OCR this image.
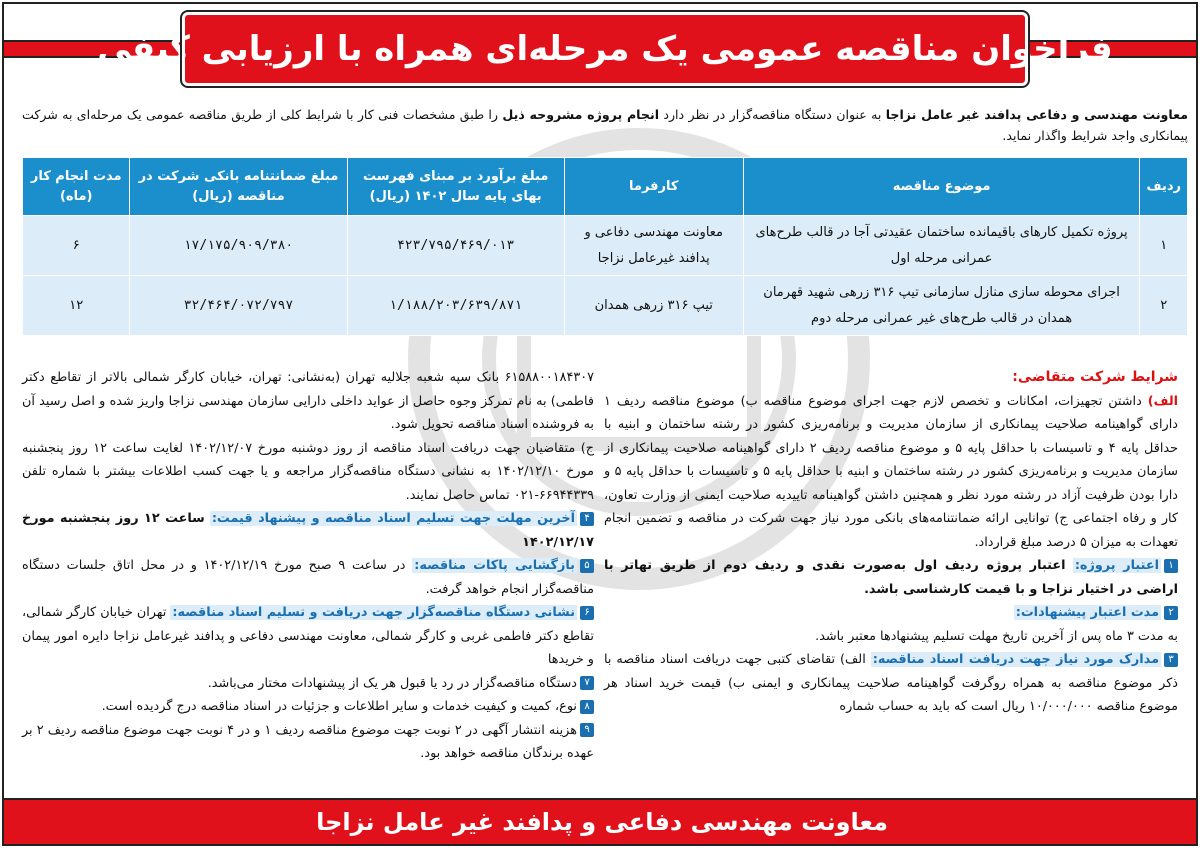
فراخوان مناقصه عمومی یک مرحله‌ای همراه با ارزیابی کیفی

معاونت مهندسی و دفاعی پدافند غیر عامل نزاجا به عنوان دستگاه مناقصه‌گزار در نظر دارد انجام پروژه مشروحه ذیل را طبق مشخصات فنی کار با شرایط کلی از طریق مناقصه عمومی یک مرحله‌ای به شرکت پیمانکاری واجد شرایط واگذار نماید.

ردیف	موضوع مناقصه	کارفرما	مبلغ برآورد بر مبنای فهرست بهای پایه سال ۱۴۰۲ (ریال)	مبلغ ضمانتنامه بانکی شرکت در مناقصه (ریال)	مدت انجام کار (ماه)
۱	پروژه تکمیل کارهای باقیمانده ساختمان عقیدتی آجا در قالب طرح‌های عمرانی مرحله اول	معاونت مهندسی دفاعی و پدافند غیرعامل نزاجا	۴۲۳/۷۹۵/۴۶۹/۰۱۳	۱۷/۱۷۵/۹۰۹/۳۸۰	۶
۲	اجرای محوطه سازی منازل سازمانی تیپ ۳۱۶ زرهی شهید قهرمان همدان در قالب طرح‌های غیر عمرانی مرحله دوم	تیپ ۳۱۶ زرهی همدان	۱/۱۸۸/۲۰۳/۶۳۹/۸۷۱	۳۲/۴۶۴/۰۷۲/۷۹۷	۱۲

شرایط شرکت متقاضی:

الف) داشتن تجهیزات، امکانات و تخصص لازم جهت اجرای موضوع مناقصه ب) موضوع مناقصه ردیف ۱ دارای گواهینامه صلاحیت پیمانکاری از سازمان مدیریت و برنامه‌ریزی کشور در رشته ساختمان و ابنیه با حداقل پایه ۴ و تاسیسات با حداقل پایه ۵ و موضوع مناقصه ردیف ۲ دارای گواهینامه صلاحیت پیمانکاری از سازمان مدیریت و برنامه‌ریزی کشور در رشته ساختمان و ابنیه با حداقل پایه ۵ و تاسیسات با حداقل پایه ۵ و دارا بودن ظرفیت آزاد در رشته مورد نظر و همچنین داشتن گواهینامه تاییدیه صلاحیت ایمنی از وزارت تعاون، کار و رفاه اجتماعی ج) توانایی ارائه ضمانتنامه‌های بانکی مورد نیاز جهت شرکت در مناقصه و تضمین انجام تعهدات به میزان ۵ درصد مبلغ قرارداد.

۱اعتبار پروژه: اعتبار پروژه ردیف اول به‌صورت نقدی و ردیف دوم از طریق تهاتر با اراضی در اختیار نزاجا و با قیمت کارشناسی باشد.

۲مدت اعتبار پیشنهادات:

به مدت ۳ ماه پس از آخرین تاریخ مهلت تسلیم پیشنهادها معتبر باشد.

۳مدارک مورد نیاز جهت دریافت اسناد مناقصه: الف) تقاضای کتبی جهت دریافت اسناد مناقصه با ذکر موضوع مناقصه به همراه روگرفت گواهینامه صلاحیت پیمانکاری و ایمنی ب) قیمت خرید اسناد هر موضوع مناقصه ۱۰/۰۰۰/۰۰۰ ریال است که باید به حساب شماره

۶۱۵۸۸۰۰۱۸۴۳۰۷ بانک سپه شعبه جلالیه تهران (به‌نشانی: تهران، خیابان کارگر شمالی بالاتر از تقاطع دکتر فاطمی) به نام تمرکز وجوه حاصل از عواید داخلی دارایی سازمان مهندسی نزاجا واریز شده و اصل رسید آن به فروشنده اسناد مناقصه تحویل شود.

ج) متقاضیان جهت دریافت اسناد مناقصه از روز دوشنبه مورخ ۱۴۰۲/۱۲/۰۷ لغایت ساعت ۱۲ روز پنجشنبه مورخ ۱۴۰۲/۱۲/۱۰ به نشانی دستگاه مناقصه‌گزار مراجعه و یا جهت کسب اطلاعات بیشتر با شماره تلفن ۶۶۹۴۴۳۳۹-۰۲۱ تماس حاصل نمایند.

۴آخرین مهلت جهت تسلیم اسناد مناقصه و پیشنهاد قیمت: ساعت ۱۲ روز پنجشنبه مورخ ۱۴۰۲/۱۲/۱۷

۵بازگشایی پاکات مناقصه: در ساعت ۹ صبح مورخ ۱۴۰۲/۱۲/۱۹ و در محل اتاق جلسات دستگاه مناقصه‌گزار انجام خواهد گرفت.

۶نشانی دستگاه مناقصه‌گزار جهت دریافت و تسلیم اسناد مناقصه: تهران خیابان کارگر شمالی، تقاطع دکتر فاطمی غربی و کارگر شمالی، معاونت مهندسی دفاعی و پدافند غیرعامل نزاجا دایره امور پیمان و خریدها

۷دستگاه مناقصه‌گزار در رد یا قبول هر یک از پیشنهادات مختار می‌باشد.

۸نوع، کمیت و کیفیت خدمات و سایر اطلاعات و جزئیات در اسناد مناقصه درج گردیده است.

۹هزینه انتشار آگهی در ۲ نوبت جهت موضوع مناقصه ردیف ۱ و در ۴ نوبت جهت موضوع مناقصه ردیف ۲ بر عهده برندگان مناقصه خواهد بود.

معاونت مهندسی دفاعی و پدافند غیر عامل نزاجا
